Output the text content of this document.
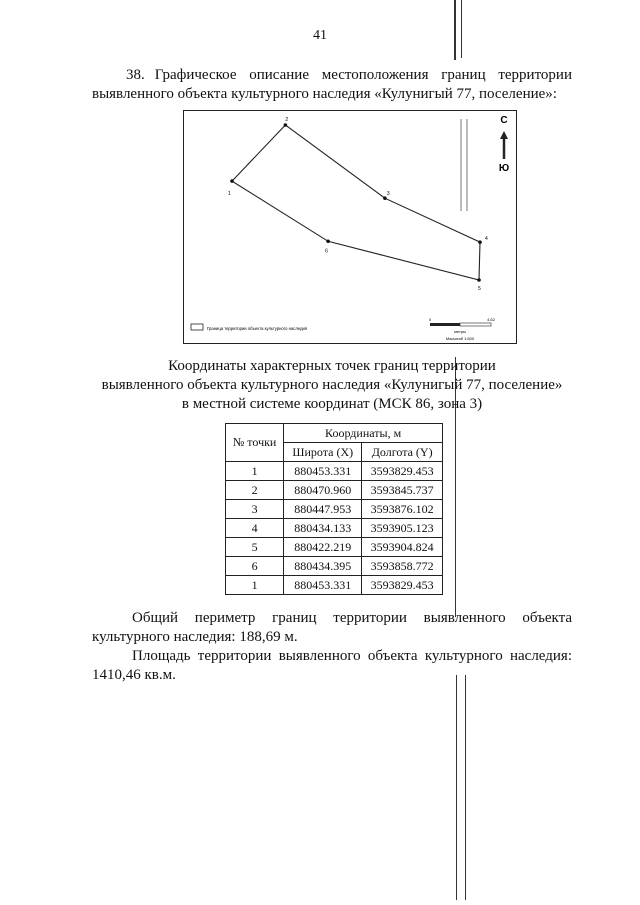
41
38. Графическое описание местоположения границ территории выявленного объекта культурного наследия «Кулунигый 77, поселение»:
1
2
3
4
5
6
С
Ю
Граница территории объекта культурного наследия
0	4,62
метры
Масштаб 1:500
Координаты характерных точек границ территории
выявленного объекта культурного наследия «Кулунигый 77, поселение»
в местной системе координат (МСК 86, зона 3)
№ точки	Координаты, м	
	Широта (X)	Долгота (Y)
1	880453.331	3593829.453
2	880470.960	3593845.737
3	880447.953	3593876.102
4	880434.133	3593905.123
5	880422.219	3593904.824
6	880434.395	3593858.772
1	880453.331	3593829.453
Общий периметр границ территории выявленного объекта культурного наследия: 188,69 м.
Площадь территории выявленного объекта культурного наследия: 1410,46 кв.м.
